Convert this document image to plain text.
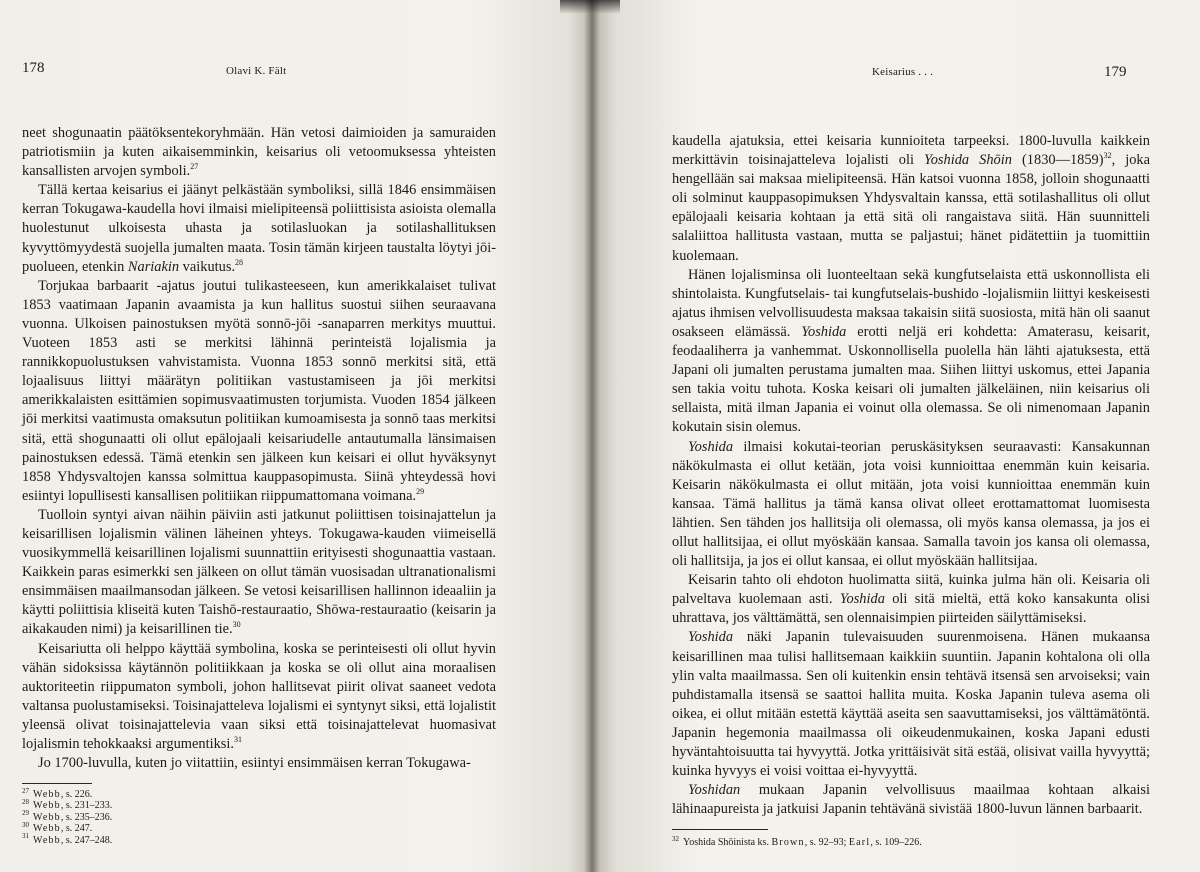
178	Olavi K. Fält

neet shogunaatin päätöksentekoryhmään. Hän vetosi daimioiden ja samuraiden patriotismiin ja kuten aikaisemminkin, keisarius oli vetoomuksessa yhteisten kansallisten arvojen symboli.$^{27}$

Tällä kertaa keisarius ei jäänyt pelkästään symboliksi, sillä 1846 ensimmäisen kerran Tokugawa-kaudella hovi ilmaisi mielipiteensä poliittisista asioista olemalla huolestunut ulkoisesta uhasta ja sotilasluokan ja sotilashallituksen kyvyttömyydestä suojella jumalten maata. Tosin tämän kirjeen taustalta löytyi jōi-puolueen, etenkin Nariakin vaikutus.$^{28}$

Torjukaa barbaarit -ajatus joutui tulikasteeseen, kun amerikkalaiset tulivat 1853 vaatimaan Japanin avaamista ja kun hallitus suostui siihen seuraavana vuonna. Ulkoisen painostuksen myötä sonnō-jōi -sanaparren merkitys muuttui. Vuoteen 1853 asti se merkitsi lähinnä perinteistä lojalismia ja rannikkopuolustuksen vahvistamista. Vuonna 1853 sonnō merkitsi sitä, että lojaalisuus liittyi määrätyn politiikan vastustamiseen ja jōi merkitsi amerikkalaisten esittämien sopimusvaatimusten torjumista. Vuoden 1854 jälkeen jōi merkitsi vaatimusta omaksutun politiikan kumoamisesta ja sonnō taas merkitsi sitä, että shogunaatti oli ollut epälojaali keisariudelle antautumalla länsimaisen painostuksen edessä. Tämä etenkin sen jälkeen kun keisari ei ollut hyväksynyt 1858 Yhdysvaltojen kanssa solmittua kauppasopimusta. Siinä yhteydessä hovi esiintyi lopullisesti kansallisen politiikan riippumattomana voimana.$^{29}$

Tuolloin syntyi aivan näihin päiviin asti jatkunut poliittisen toisinajattelun ja keisarillisen lojalismin välinen läheinen yhteys. Tokugawa-kauden viimeisellä vuosikymmellä keisarillinen lojalismi suunnattiin erityisesti shogunaattia vastaan. Kaikkein paras esimerkki sen jälkeen on ollut tämän vuosisadan ultranationalismi ensimmäisen maailmansodan jälkeen. Se vetosi keisarillisen hallinnon ideaaliin ja käytti poliittisia kliseitä kuten Taishō-restauraatio, Shōwa-restauraatio (keisarin ja aikakauden nimi) ja keisarillinen tie.$^{30}$

Keisariutta oli helppo käyttää symbolina, koska se perinteisesti oli ollut hyvin vähän sidoksissa käytännön politiikkaan ja koska se oli ollut aina moraalisen auktoriteetin riippumaton symboli, johon hallitsevat piirit olivat saaneet vedota valtansa puolustamiseksi. Toisinajatteleva lojalismi ei syntynyt siksi, että lojalistit yleensä olivat toisinajattelevia vaan siksi että toisinajattelevat huomasivat lojalismin tehokkaaksi argumentiksi.$^{31}$

Jo 1700-luvulla, kuten jo viitattiin, esiintyi ensimmäisen kerran Tokugawa-

$^{27}$ Webb, s. 226.
$^{28}$ Webb, s. 231–233.
$^{29}$ Webb, s. 235–236.
$^{30}$ Webb, s. 247.
$^{31}$ Webb, s. 247–248.
Keisarius . . .	179

kaudella ajatuksia, ettei keisaria kunnioiteta tarpeeksi. 1800-luvulla kaikkein merkittävin toisinajatteleva lojalisti oli Yoshida Shōin (1830—1859)$^{32}$, joka hengellään sai maksaa mielipiteensä. Hän katsoi vuonna 1858, jolloin shogunaatti oli solminut kauppasopimuksen Yhdysvaltain kanssa, että sotilashallitus oli ollut epälojaali keisaria kohtaan ja että sitä oli rangaistava siitä. Hän suunnitteli salaliittoa hallitusta vastaan, mutta se paljastui; hänet pidätettiin ja tuomittiin kuolemaan.

Hänen lojalisminsa oli luonteeltaan sekä kungfutselaista että uskonnollista eli shintolaista. Kungfutselais- tai kungfutselais-bushido -lojalismiin liittyi keskeisesti ajatus ihmisen velvollisuudesta maksaa takaisin siitä suosiosta, mitä hän oli saanut osakseen elämässä. Yoshida erotti neljä eri kohdetta: Amaterasu, keisarit, feodaaliherra ja vanhemmat. Uskonnollisella puolella hän lähti ajatuksesta, että Japani oli jumalten perustama jumalten maa. Siihen liittyi uskomus, ettei Japania sen takia voitu tuhota. Koska keisari oli jumalten jälkeläinen, niin keisarius oli sellaista, mitä ilman Japania ei voinut olla olemassa. Se oli nimenomaan Japanin kokutain sisin olemus.

Yoshida ilmaisi kokutai-teorian peruskäsityksen seuraavasti: Kansakunnan näkökulmasta ei ollut ketään, jota voisi kunnioittaa enemmän kuin keisaria. Keisarin näkökulmasta ei ollut mitään, jota voisi kunnioittaa enemmän kuin kansaa. Tämä hallitus ja tämä kansa olivat olleet erottamattomat luomisesta lähtien. Sen tähden jos hallitsija oli olemassa, oli myös kansa olemassa, ja jos ei ollut hallitsijaa, ei ollut myöskään kansaa. Samalla tavoin jos kansa oli olemassa, oli hallitsija, ja jos ei ollut kansaa, ei ollut myöskään hallitsijaa.

Keisarin tahto oli ehdoton huolimatta siitä, kuinka julma hän oli. Keisaria oli palveltava kuolemaan asti. Yoshida oli sitä mieltä, että koko kansakunta olisi uhrattava, jos välttämättä, sen olennaisimpien piirteiden säilyttämiseksi.

Yoshida näki Japanin tulevaisuuden suurenmoisena. Hänen mukaansa keisarillinen maa tulisi hallitsemaan kaikkiin suuntiin. Japanin kohtalona oli olla ylin valta maailmassa. Sen oli kuitenkin ensin tehtävä itsensä sen arvoiseksi; vain puhdistamalla itsensä se saattoi hallita muita. Koska Japanin tuleva asema oli oikea, ei ollut mitään estettä käyttää aseita sen saavuttamiseksi, jos välttämätöntä. Japanin hegemonia maailmassa oli oikeudenmukainen, koska Japani edusti hyväntahtoisuutta tai hyvyyttä. Jotka yrittäisivät sitä estää, olisivat vailla hyvyyttä; kuinka hyvyys ei voisi voittaa ei-hyvyyttä.

Yoshidan mukaan Japanin velvollisuus maailmaa kohtaan alkaisi lähinaapureista ja jatkuisi Japanin tehtävänä sivistää 1800-luvun lännen barbaarit.

$^{32}$ Yoshida Shōinista ks. Brown, s. 92–93; Earl, s. 109–226.
